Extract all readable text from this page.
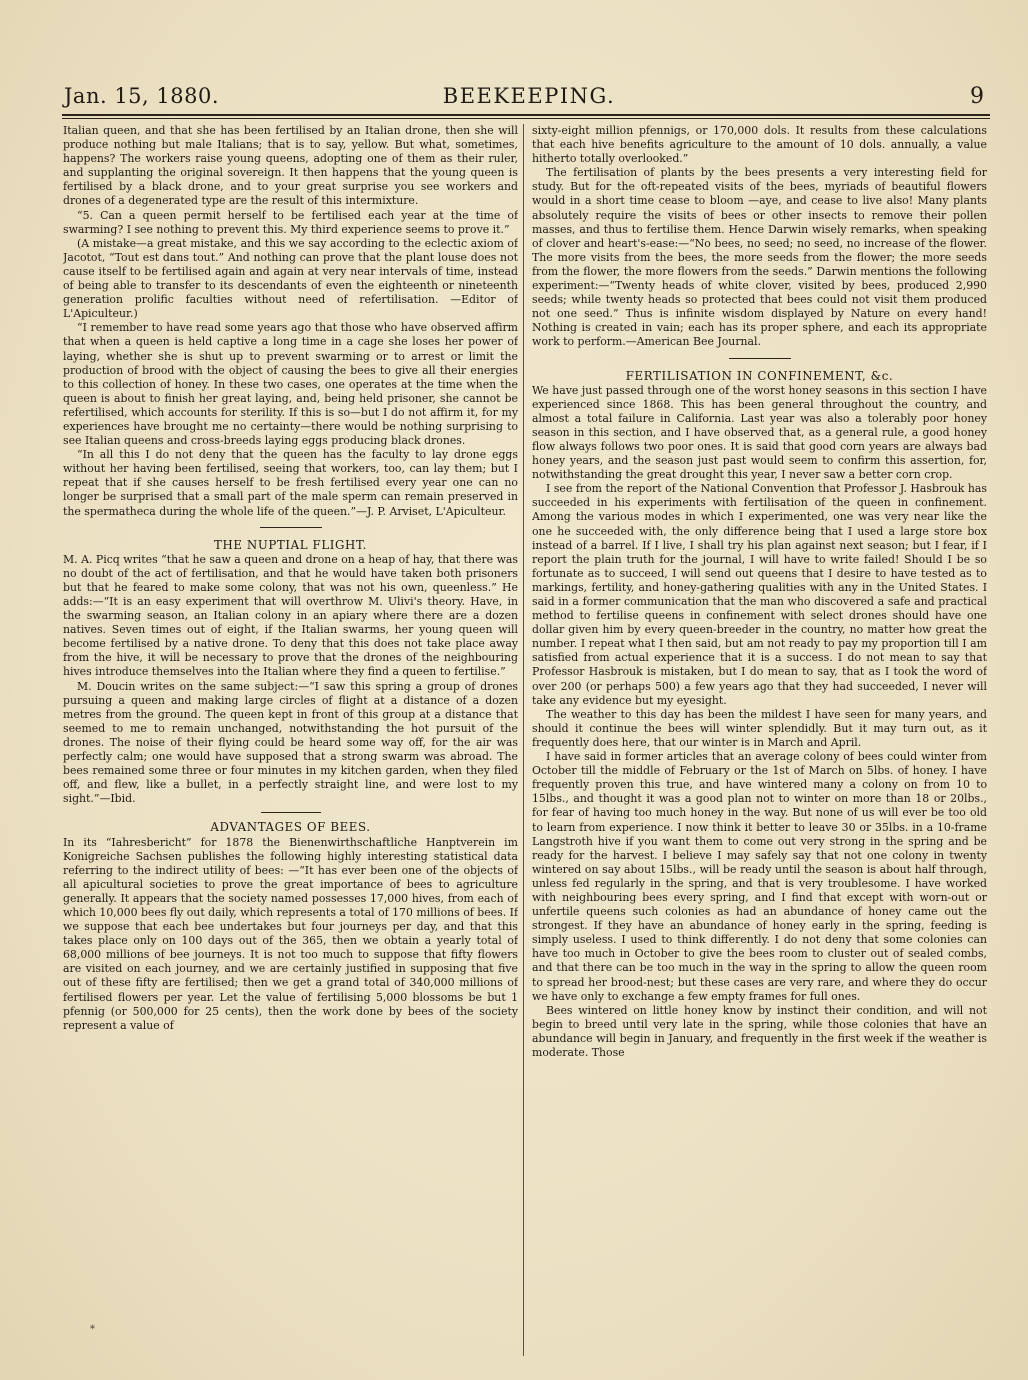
Jan. 15, 1880.	BEEKEEPING.	9

Italian queen, and that she has been fertilised by an Italian drone, then she will produce nothing but male Italians; that is to say, yellow. But what, sometimes, happens? The workers raise young queens, adopting one of them as their ruler, and supplanting the original sovereign. It then happens that the young queen is fertilised by a black drone, and to your great surprise you see workers and drones of a degenerated type are the result of this intermixture.

“5. Can a queen permit herself to be fertilised each year at the time of swarming? I see nothing to prevent this. My third experience seems to prove it.”

(A mistake—a great mistake, and this we say according to the eclectic axiom of Jacotot, “Tout est dans tout.” And nothing can prove that the plant louse does not cause itself to be fertilised again and again at very near intervals of time, instead of being able to transfer to its descendants of even the eighteenth or nineteenth generation prolific faculties without need of refertilisation. —Editor of L'Apiculteur.)

“I remember to have read some years ago that those who have observed affirm that when a queen is held captive a long time in a cage she loses her power of laying, whether she is shut up to prevent swarming or to arrest or limit the production of brood with the object of causing the bees to give all their energies to this collection of honey. In these two cases, one operates at the time when the queen is about to finish her great laying, and, being held prisoner, she cannot be refertilised, which accounts for sterility. If this is so—but I do not affirm it, for my experiences have brought me no certainty—there would be nothing surprising to see Italian queens and cross-breeds laying eggs producing black drones.

“In all this I do not deny that the queen has the faculty to lay drone eggs without her having been fertilised, seeing that workers, too, can lay them; but I repeat that if she causes herself to be fresh fertilised every year one can no longer be surprised that a small part of the male sperm can remain preserved in the spermatheca during the whole life of the queen.”—J. P. Arviset, L'Apiculteur.

THE NUPTIAL FLIGHT.

M. A. Picq writes “that he saw a queen and drone on a heap of hay, that there was no doubt of the act of fertilisation, and that he would have taken both prisoners but that he feared to make some colony, that was not his own, queenless.” He adds:—“It is an easy experiment that will overthrow M. Ulivi's theory. Have, in the swarming season, an Italian colony in an apiary where there are a dozen natives. Seven times out of eight, if the Italian swarms, her young queen will become fertilised by a native drone. To deny that this does not take place away from the hive, it will be necessary to prove that the drones of the neighbouring hives introduce themselves into the Italian where they find a queen to fertilise.”

M. Doucin writes on the same subject:—“I saw this spring a group of drones pursuing a queen and making large circles of flight at a distance of a dozen metres from the ground. The queen kept in front of this group at a distance that seemed to me to remain unchanged, notwithstanding the hot pursuit of the drones. The noise of their flying could be heard some way off, for the air was perfectly calm; one would have supposed that a strong swarm was abroad. The bees remained some three or four minutes in my kitchen garden, when they filed off, and flew, like a bullet, in a perfectly straight line, and were lost to my sight.”—Ibid.

ADVANTAGES OF BEES.

In its “Iahresbericht” for 1878 the Bienenwirthschaftliche Hanptverein im Konigreiche Sachsen publishes the following highly interesting statistical data referring to the indirect utility of bees: —“It has ever been one of the objects of all apicultural societies to prove the great importance of bees to agriculture generally. It appears that the society named possesses 17,000 hives, from each of which 10,000 bees fly out daily, which represents a total of 170 millions of bees. If we suppose that each bee undertakes but four journeys per day, and that this takes place only on 100 days out of the 365, then we obtain a yearly total of 68,000 millions of bee journeys. It is not too much to suppose that fifty flowers are visited on each journey, and we are certainly justified in supposing that five out of these fifty are fertilised; then we get a grand total of 340,000 millions of fertilised flowers per year. Let the value of fertilising 5,000 blossoms be but 1 pfennig (or 500,000 for 25 cents), then the work done by bees of the society represent a value of

sixty-eight million pfennigs, or 170,000 dols. It results from these calculations that each hive benefits agriculture to the amount of 10 dols. annually, a value hitherto totally overlooked.”

The fertilisation of plants by the bees presents a very interesting field for study. But for the oft-repeated visits of the bees, myriads of beautiful flowers would in a short time cease to bloom —aye, and cease to live also! Many plants absolutely require the visits of bees or other insects to remove their pollen masses, and thus to fertilise them. Hence Darwin wisely remarks, when speaking of clover and heart's-ease:—“No bees, no seed; no seed, no increase of the flower. The more visits from the bees, the more seeds from the flower; the more seeds from the flower, the more flowers from the seeds.” Darwin mentions the following experiment:—“Twenty heads of white clover, visited by bees, produced 2,990 seeds; while twenty heads so protected that bees could not visit them produced not one seed.” Thus is infinite wisdom displayed by Nature on every hand! Nothing is created in vain; each has its proper sphere, and each its appropriate work to perform.—American Bee Journal.

FERTILISATION IN CONFINEMENT, &c.

We have just passed through one of the worst honey seasons in this section I have experienced since 1868. This has been general throughout the country, and almost a total failure in California. Last year was also a tolerably poor honey season in this section, and I have observed that, as a general rule, a good honey flow always follows two poor ones. It is said that good corn years are always bad honey years, and the season just past would seem to confirm this assertion, for, notwithstanding the great drought this year, I never saw a better corn crop.

I see from the report of the National Convention that Professor J. Hasbrouk has succeeded in his experiments with fertilisation of the queen in confinement. Among the various modes in which I experimented, one was very near like the one he succeeded with, the only difference being that I used a large store box instead of a barrel. If I live, I shall try his plan against next season; but I fear, if I report the plain truth for the journal, I will have to write failed! Should I be so fortunate as to succeed, I will send out queens that I desire to have tested as to markings, fertility, and honey-gathering qualities with any in the United States. I said in a former communication that the man who discovered a safe and practical method to fertilise queens in confinement with select drones should have one dollar given him by every queen-breeder in the country, no matter how great the number. I repeat what I then said, but am not ready to pay my proportion till I am satisfied from actual experience that it is a success. I do not mean to say that Professor Hasbrouk is mistaken, but I do mean to say, that as I took the word of over 200 (or perhaps 500) a few years ago that they had succeeded, I never will take any evidence but my eyesight.

The weather to this day has been the mildest I have seen for many years, and should it continue the bees will winter splendidly. But it may turn out, as it frequently does here, that our winter is in March and April.

I have said in former articles that an average colony of bees could winter from October till the middle of February or the 1st of March on 5lbs. of honey. I have frequently proven this true, and have wintered many a colony on from 10 to 15lbs., and thought it was a good plan not to winter on more than 18 or 20lbs., for fear of having too much honey in the way. But none of us will ever be too old to learn from experience. I now think it better to leave 30 or 35lbs. in a 10-frame Langstroth hive if you want them to come out very strong in the spring and be ready for the harvest. I believe I may safely say that not one colony in twenty wintered on say about 15lbs., will be ready until the season is about half through, unless fed regularly in the spring, and that is very troublesome. I have worked with neighbouring bees every spring, and I find that except with worn-out or unfertile queens such colonies as had an abundance of honey came out the strongest. If they have an abundance of honey early in the spring, feeding is simply useless. I used to think differently. I do not deny that some colonies can have too much in October to give the bees room to cluster out of sealed combs, and that there can be too much in the way in the spring to allow the queen room to spread her brood-nest; but these cases are very rare, and where they do occur we have only to exchange a few empty frames for full ones.

Bees wintered on little honey know by instinct their condition, and will not begin to breed until very late in the spring, while those colonies that have an abundance will begin in January, and frequently in the first week if the weather is moderate. Those

*
